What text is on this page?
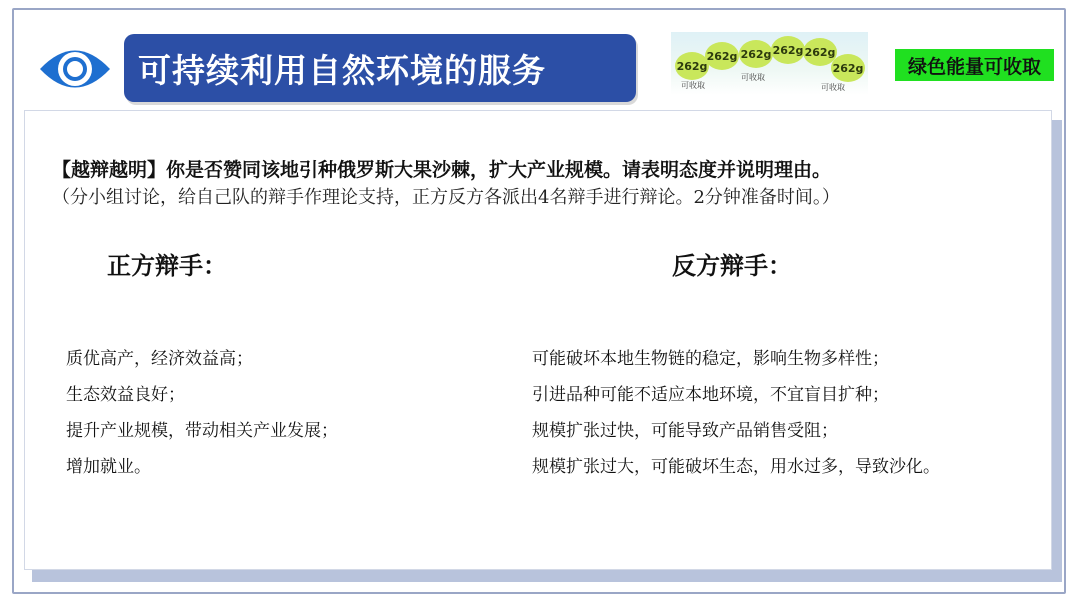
可持续利用自然环境的服务	262g
262g 262g 262g 262g
262g
可收取
可收取
可收取
绿色能量可收取
【越辩越明】你是否赞同该地引种俄罗斯大果沙棘，扩大产业规模。请表明态度并说明理由。
（分小组讨论，给自己队的辩手作理论支持，正方反方各派出4名辩手进行辩论。2分钟准备时间。）
正方辩手：	反方辩手：
质优高产，经济效益高；
生态效益良好；
提升产业规模，带动相关产业发展；
增加就业。
可能破坏本地生物链的稳定，影响生物多样性；
引进品种可能不适应本地环境，不宜盲目扩种；
规模扩张过快，可能导致产品销售受阻；
规模扩张过大，可能破坏生态，用水过多，导致沙化。
